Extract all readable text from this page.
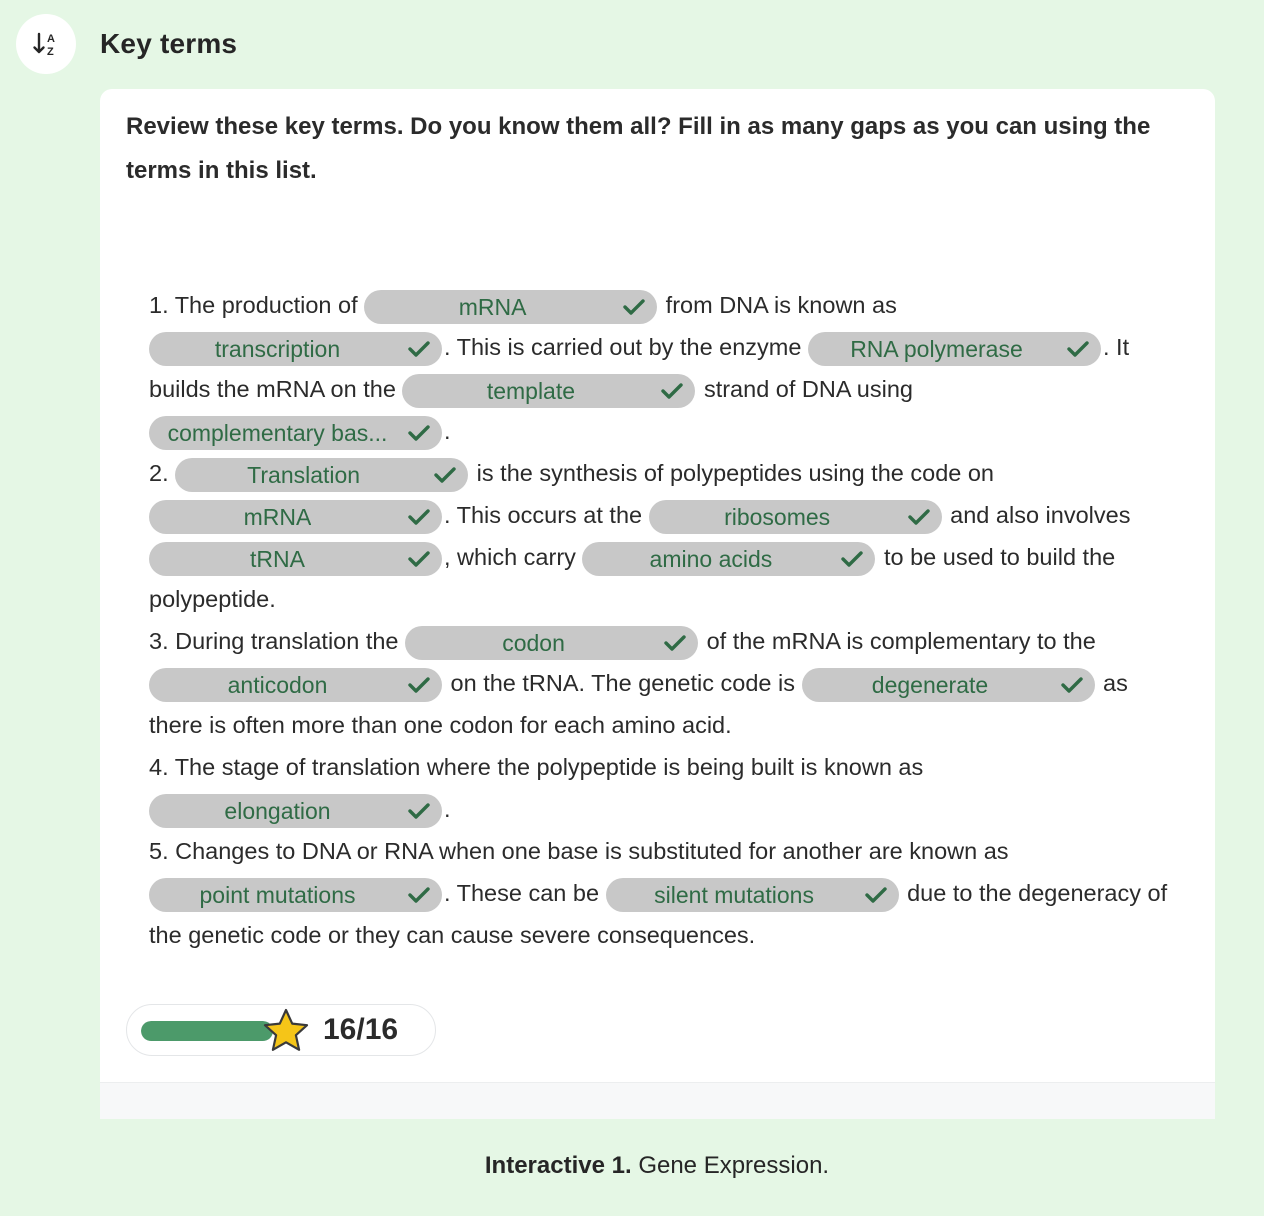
A
Z Key terms
Review these key terms. Do you know them all? Fill in as many gaps as you can using the terms in this list.
1. The production of	mRNA	from DNA is known as transcription	. This is carried out by the enzyme RNA polymerase	. It builds the mRNA on the	template	strand of DNA using complementary bas... .
2.	Translation	is the synthesis of polypeptides using the code on mRNA	. This occurs at the	ribosomes	and also involves tRNA	, which carry	amino acids	to be used to build the polypeptide.
3. During translation the	codon	of the mRNA is complementary to the anticodon	on the tRNA. The genetic code is	degenerate	as there is often more than one codon for each amino acid.
4. The stage of translation where the polypeptide is being built is known as elongation	.
5. Changes to DNA or RNA when one base is substituted for another are known as point mutations	. These can be silent mutations	due to the degeneracy of the genetic code or they can cause severe consequences.
16/16
Interactive 1. Gene Expression.
